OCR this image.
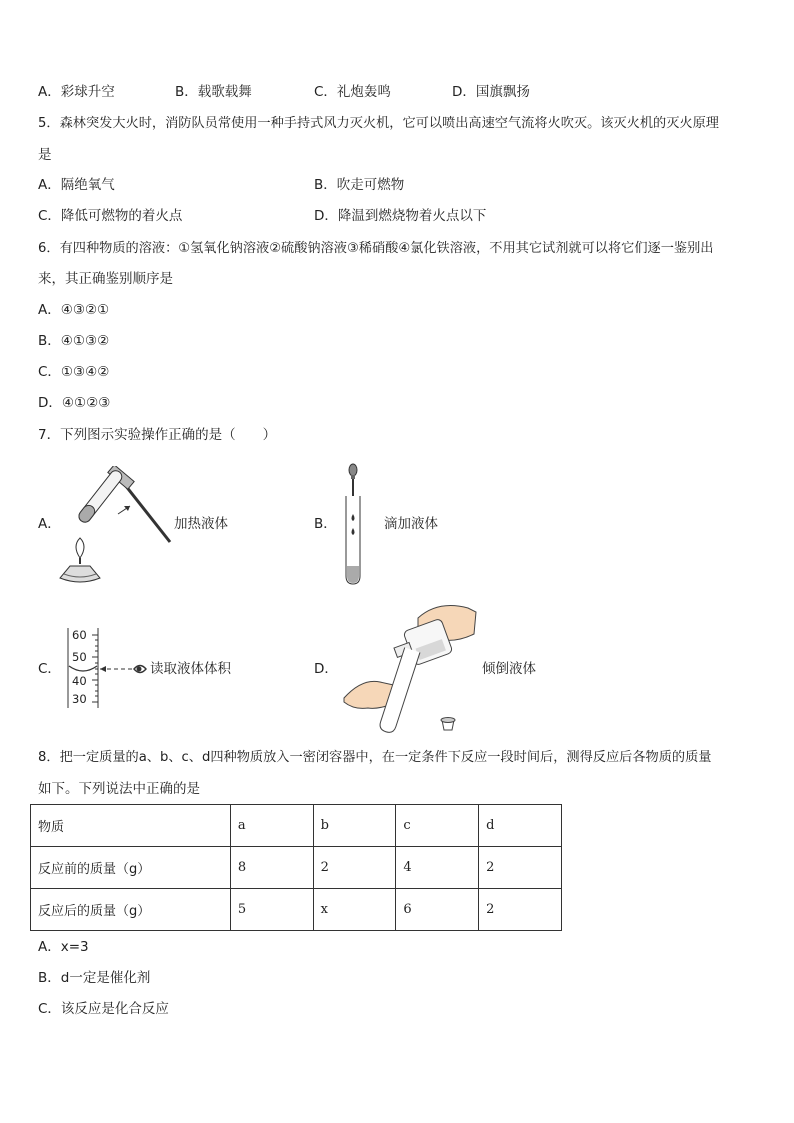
A．彩球升空	B．载歌载舞	C．礼炮轰鸣	D．国旗飘扬
5．森林突发大火时，消防队员常使用一种手持式风力灭火机，它可以喷出高速空气流将火吹灭。该灭火机的灭火原理
是
A．隔绝氧气	B．吹走可燃物
C．降低可燃物的着火点	D．降温到燃烧物着火点以下
6．有四种物质的溶液：①氢氧化钠溶液②硫酸钠溶液③稀硝酸④氯化铁溶液，不用其它试剂就可以将它们逐一鉴别出
来，其正确鉴别顺序是
A．④③②①
B．④①③②
C．①③④②
D．④①②③
7．下列图示实验操作正确的是（　　）
A．	加热液体	B．	滴加液体
C．
60
50
40
30
读取液体体积	D．	倾倒液体
8．把一定质量的a、b、c、d四种物质放入一密闭容器中，在一定条件下反应一段时间后，测得反应后各物质的质量
如下。下列说法中正确的是
物质	a	b	c	d
反应前的质量（g）	8	2	4	2
反应后的质量（g）	5	x	6	2
A．x=3
B．d一定是催化剂
C．该反应是化合反应
